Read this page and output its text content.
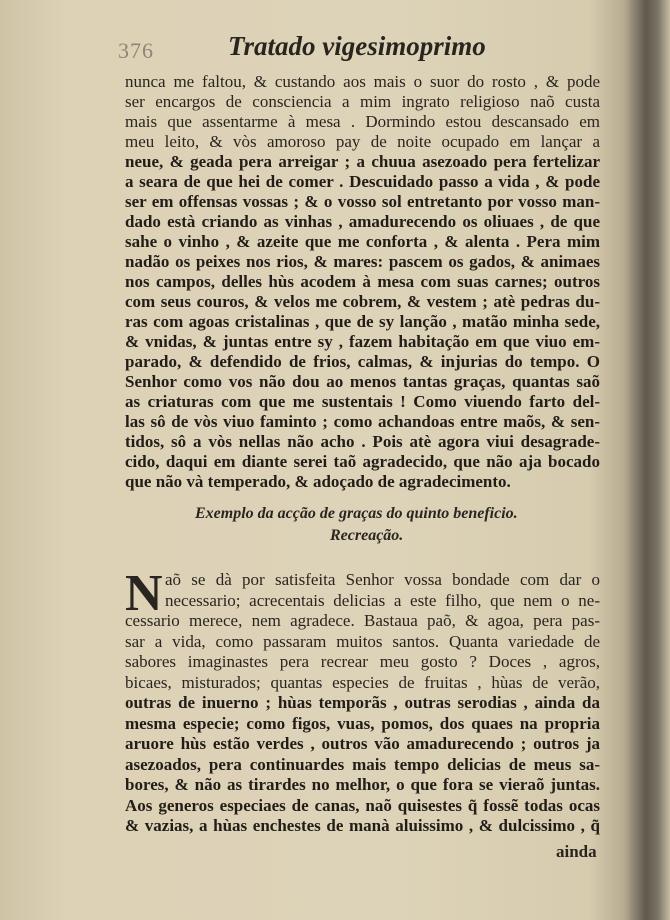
376	Tratado vigesimoprimo
Exemplo da acção de graças do quinto beneficio.
Recreação.
N
ainda
nunca me faltou, & custando aos mais o suor do rosto , & pode
ser encargos de consciencia a mim ingrato religioso naõ custa
mais que assentarme à mesa . Dormindo estou descansado em
meu leito, & vòs amoroso pay de noite ocupado em lançar a
neue, & geada pera arreigar ; a chuua asezoado pera fertelizar
a seara de que hei de comer . Descuidado passo a vida , & pode
ser em offensas vossas ; & o vosso sol entretanto por vosso man-
dado està criando as vinhas , amadurecendo os oliuaes , de que
sahe o vinho , & azeite que me conforta , & alenta . Pera mim
nadão os peixes nos rios, & mares: pascem os gados, & animaes
nos campos, delles hùs acodem à mesa com suas carnes; outros
com seus couros, & velos me cobrem, & vestem ; atè pedras du-
ras com agoas cristalinas , que de sy lanção , matão minha sede,
& vnidas, & juntas entre sy , fazem habitação em que viuo em-
parado, & defendido de frios, calmas, & injurias do tempo. O
Senhor como vos não dou ao menos tantas graças, quantas saõ
as criaturas com que me sustentais ! Como viuendo farto del-
las sô de vòs viuo faminto ; como achandoas entre maõs, & sen-
tidos, sô a vòs nellas não acho . Pois atè agora viui desagrade-
cido, daqui em diante serei taõ agradecido, que não aja bocado
que não và temperado, & adoçado de agradecimento.
aõ se dà por satisfeita Senhor vossa bondade com dar o
necessario; acrecentais delicias a este filho, que nem o ne-
cessario merece, nem agradece. Bastaua paõ, & agoa, pera pas-
sar a vida, como passaram muitos santos. Quanta variedade de
sabores imaginastes pera recrear meu gosto ? Doces , agros,
bicaes, misturados; quantas especies de fruitas , hùas de verão,
outras de inuerno ; hùas temporãs , outras serodias , ainda da
mesma especie; como figos, vuas, pomos, dos quaes na propria
aruore hùs estão verdes , outros vão amadurecendo ; outros ja
asezoados, pera continuardes mais tempo delicias de meus sa-
bores, & não as tirardes no melhor, o que fora se vieraõ juntas.
Aos generos especiaes de canas, naõ quisestes q̃ fossẽ todas ocas
& vazias, a hùas enchestes de manà aluissimo , & dulcissimo , q̃
